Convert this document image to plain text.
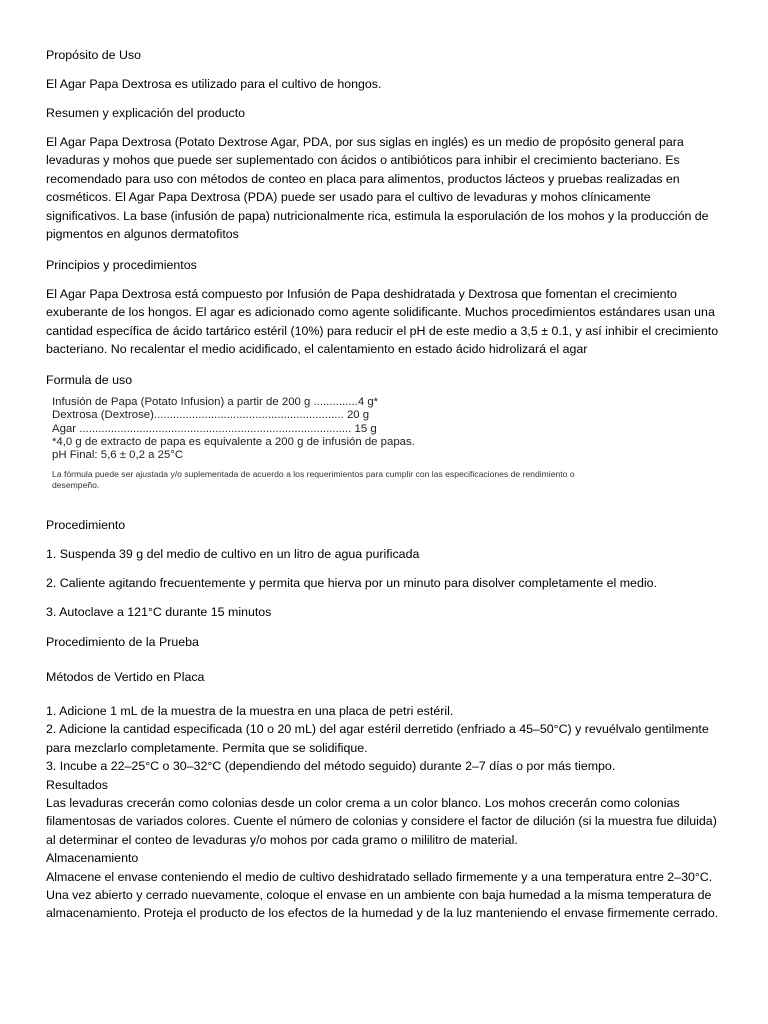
Propósito de Uso

El Agar Papa Dextrosa es utilizado para el cultivo de hongos.

Resumen y explicación del producto

El Agar Papa Dextrosa (Potato Dextrose Agar, PDA, por sus siglas en inglés) es un medio de propósito general para levaduras y mohos que puede ser suplementado con ácidos o antibióticos para inhibir el crecimiento bacteriano. Es recomendado para uso con métodos de conteo en placa para alimentos, productos lácteos y pruebas realizadas en cosméticos. El Agar Papa Dextrosa (PDA) puede ser usado para el cultivo de levaduras y mohos clínicamente significativos. La base (infusión de papa) nutricionalmente rica, estimula la esporulación de los mohos y la producción de pigmentos en algunos dermatofitos

Principios y procedimientos

El Agar Papa Dextrosa está compuesto por Infusión de Papa deshidratada y Dextrosa que fomentan el crecimiento exuberante de los hongos. El agar es adicionado como agente solidificante. Muchos procedimientos estándares usan una cantidad específica de ácido tartárico estéril (10%) para reducir el pH de este medio a 3,5 ± 0.1, y así inhibir el crecimiento bacteriano. No recalentar el medio acidificado, el calentamiento en estado ácido hidrolizará el agar

Formula de uso

Infusión de Papa (Potato Infusion) a partir de 200 g ..............4 g*
Dextrosa (Dextrose)............................................................ 20 g
Agar ...................................................................................... 15 g
*4,0 g de extracto de papa es equivalente a 200 g de infusión de papas.
pH Final: 5,6 ± 0,2 a 25°C
La fórmula puede ser ajustada y/o suplementada de acuerdo a los requerimientos para cumplir con las especificaciones de rendimiento o desempeño.

Procedimiento

1. Suspenda 39 g del medio de cultivo en un litro de agua purificada

2. Caliente agitando frecuentemente y permita que hierva por un minuto para disolver completamente el medio.

3. Autoclave a 121°C durante 15 minutos

Procedimiento de la Prueba

Métodos de Vertido en Placa

1. Adicione 1 mL de la muestra de la muestra en una placa de petri estéril.

2. Adicione la cantidad especificada (10 o 20 mL) del agar estéril derretido (enfriado a 45–50°C) y revuélvalo gentilmente para mezclarlo completamente. Permita que se solidifique.

3. Incube a 22–25°C o 30–32°C (dependiendo del método seguido) durante 2–7 días o por más tiempo.

Resultados

Las levaduras crecerán como colonias desde un color crema a un color blanco. Los mohos crecerán como colonias filamentosas de variados colores. Cuente el número de colonias y considere el factor de dilución (si la muestra fue diluida) al determinar el conteo de levaduras y/o mohos por cada gramo o mililitro de material.

Almacenamiento

Almacene el envase conteniendo el medio de cultivo deshidratado sellado firmemente y a una temperatura entre 2–30°C. Una vez abierto y cerrado nuevamente, coloque el envase en un ambiente con baja humedad a la misma temperatura de almacenamiento. Proteja el producto de los efectos de la humedad y de la luz manteniendo el envase firmemente cerrado.
